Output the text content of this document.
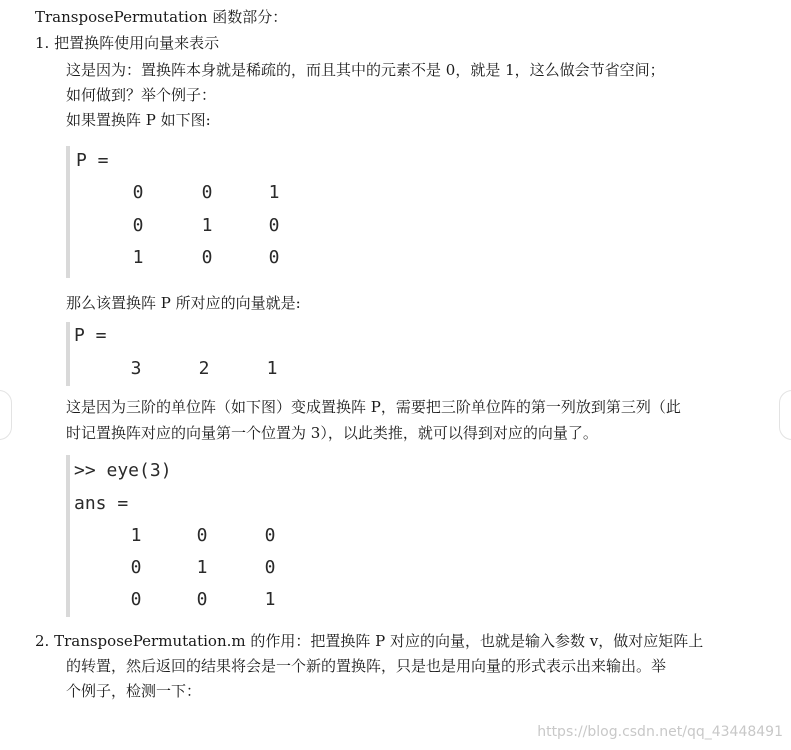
TransposePermutation 函数部分：
1. 把置换阵使用向量来表示
这是因为：置换阵本身就是稀疏的，而且其中的元素不是 0，就是 1，这么做会节省空间；
如何做到？举个例子：
如果置换阵 P 如下图:
P =
0	0	1
0	1	0
1	0	0
那么该置换阵 P 所对应的向量就是:
P =
3	2	1
这是因为三阶的单位阵（如下图）变成置换阵 P，需要把三阶单位阵的第一列放到第三列（此
时记置换阵对应的向量第一个位置为 3），以此类推，就可以得到对应的向量了。
>> eye(3)
ans =
1	0	0
0	1	0
0	0	1
2. TransposePermutation.m 的作用：把置换阵 P 对应的向量，也就是输入参数 v，做对应矩阵上
的转置，然后返回的结果将会是一个新的置换阵，只是也是用向量的形式表示出来输出。举
个例子，检测一下：
https://blog.csdn.net/qq_43448491
